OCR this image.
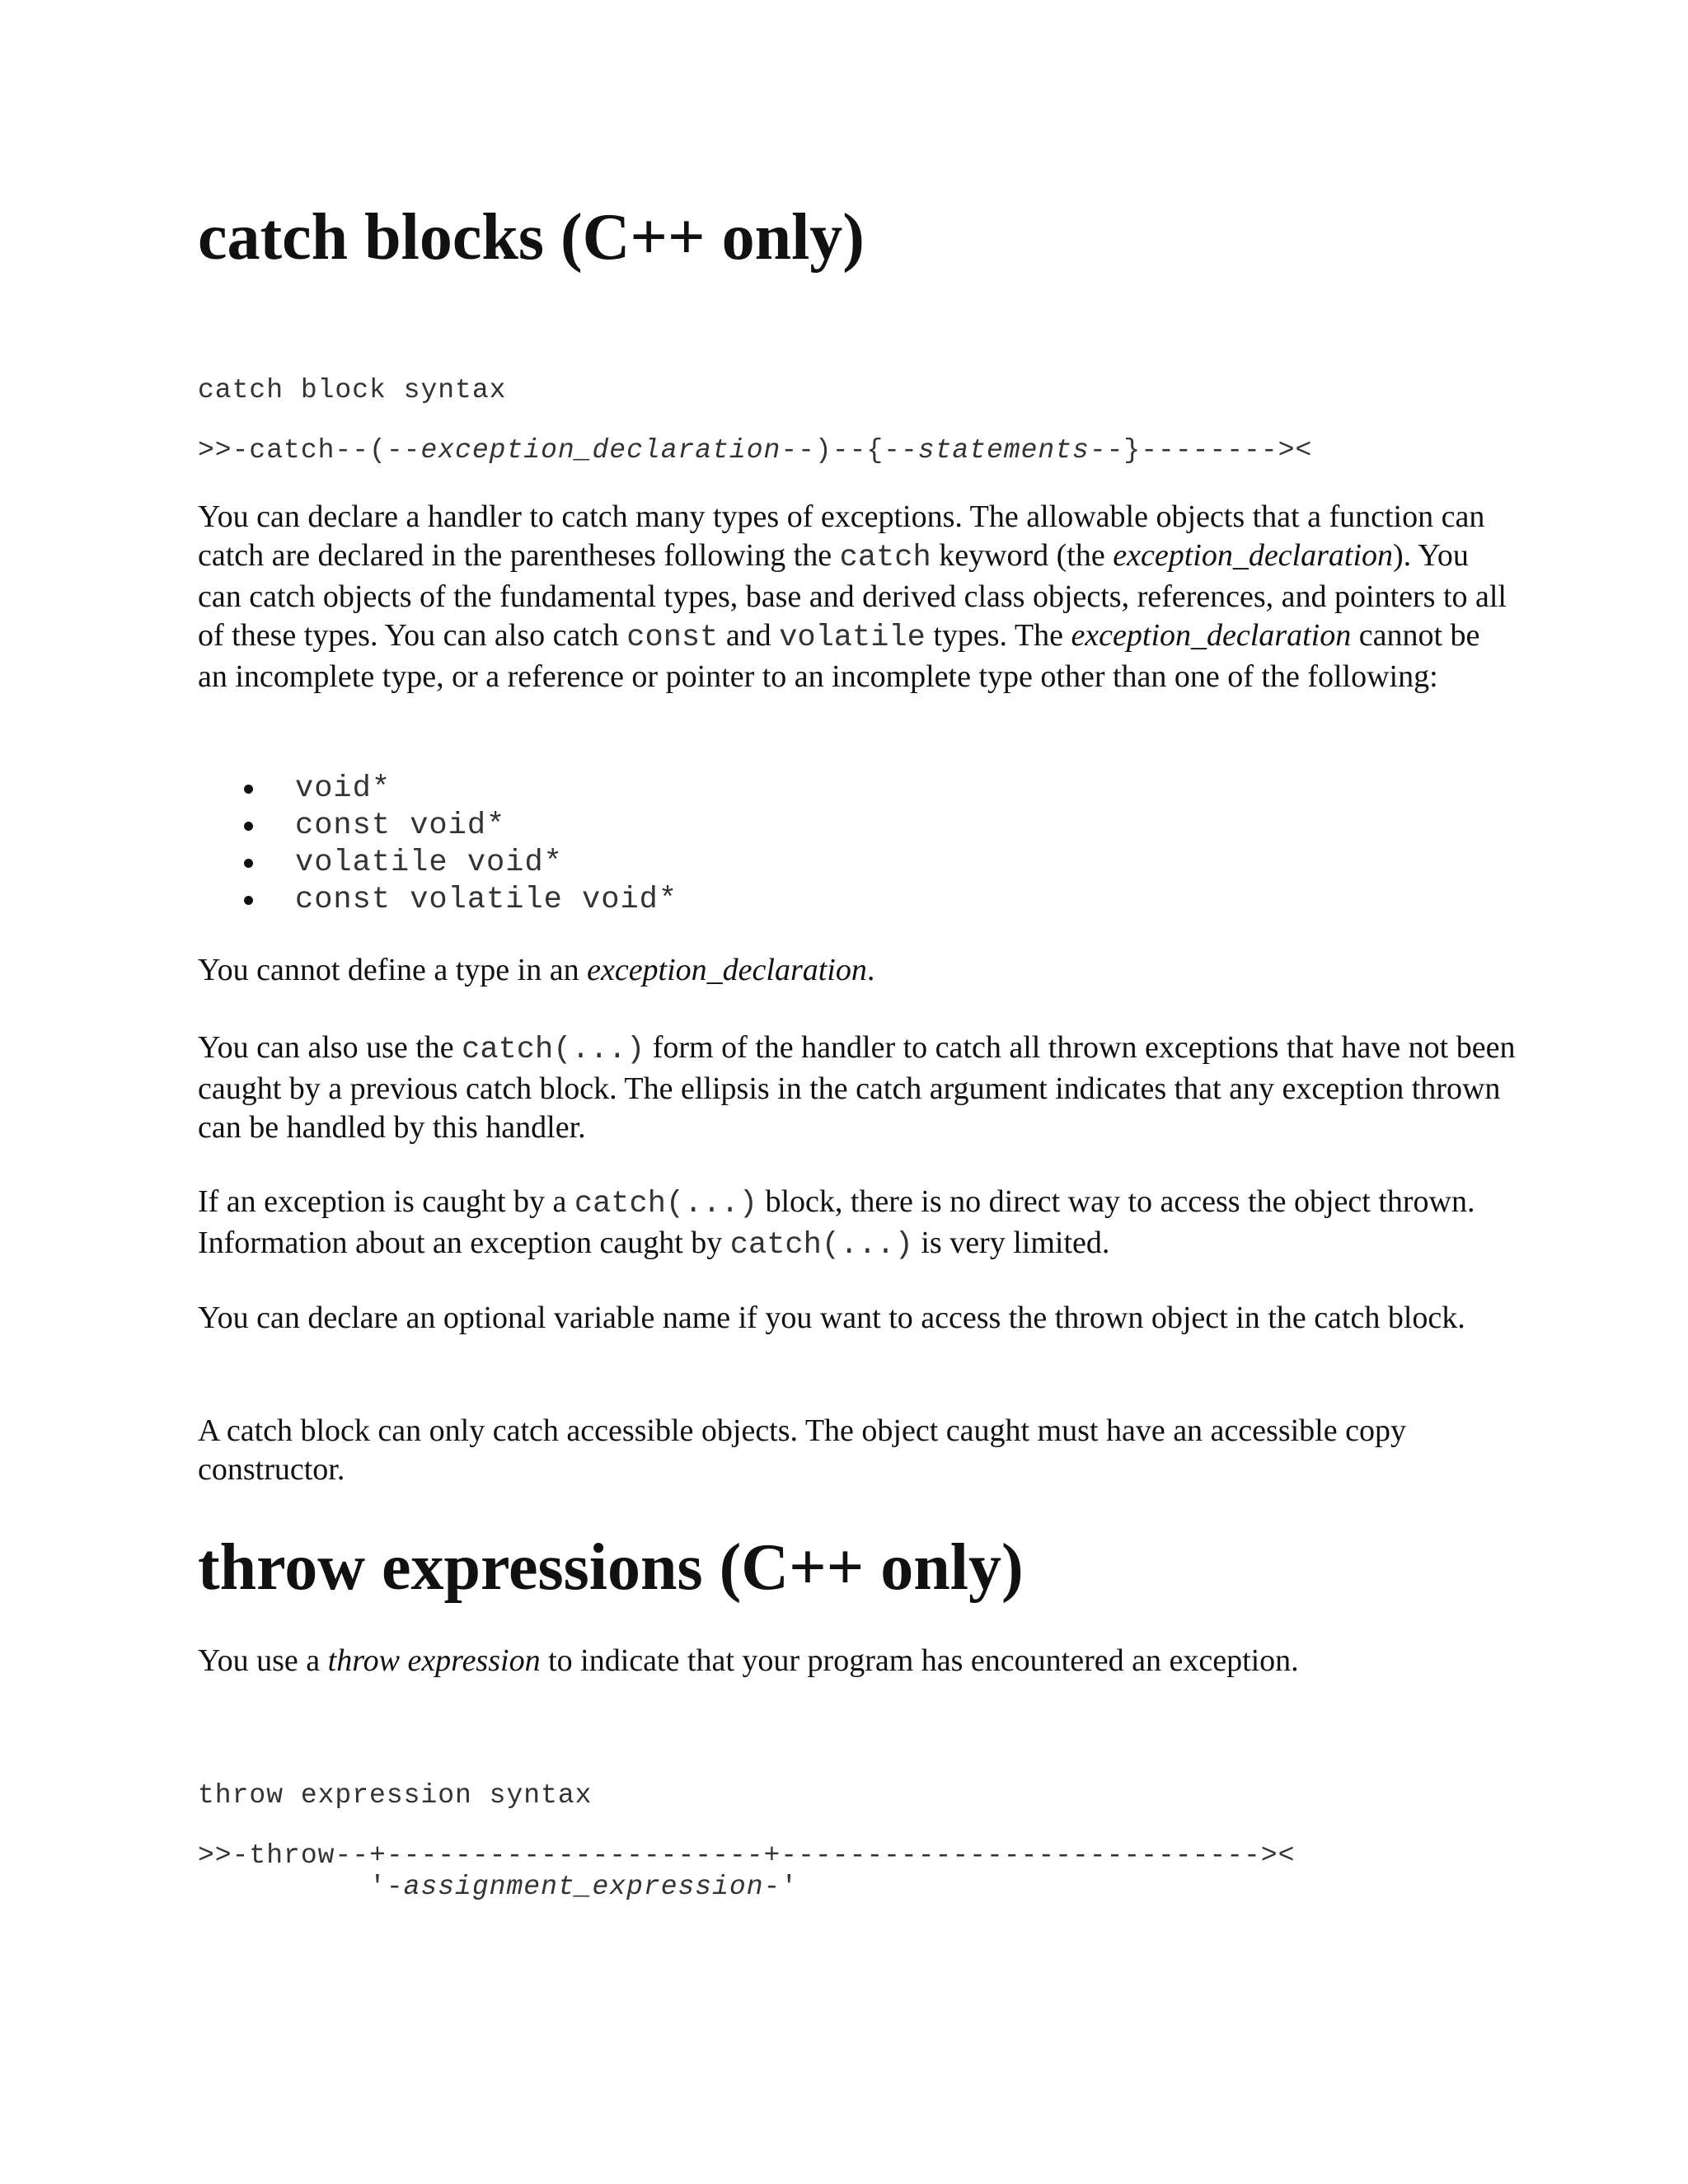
catch blocks (C++ only)
catch block syntax
>>-catch--(--exception_declaration--)--{--statements--}--------><

You can declare a handler to catch many types of exceptions. The allowable objects that a function can catch are declared in the parentheses following the catch keyword (the exception_declaration). You can catch objects of the fundamental types, base and derived class objects, references, and pointers to all of these types. You can also catch const and volatile types. The exception_declaration cannot be an incomplete type, or a reference or pointer to an incomplete type other than one of the following:

void*
const void*
volatile void*
const volatile void*

You cannot define a type in an exception_declaration.

You can also use the catch(...) form of the handler to catch all thrown exceptions that have not been caught by a previous catch block. The ellipsis in the catch argument indicates that any exception thrown can be handled by this handler.

If an exception is caught by a catch(...) block, there is no direct way to access the object thrown. Information about an exception caught by catch(...) is very limited.

You can declare an optional variable name if you want to access the thrown object in the catch block.

A catch block can only catch accessible objects. The object caught must have an accessible copy constructor.

throw expressions (C++ only)

You use a throw expression to indicate that your program has encountered an exception.

throw expression syntax
>>-throw--+----------------------+----------------------------><
'-assignment_expression-'
